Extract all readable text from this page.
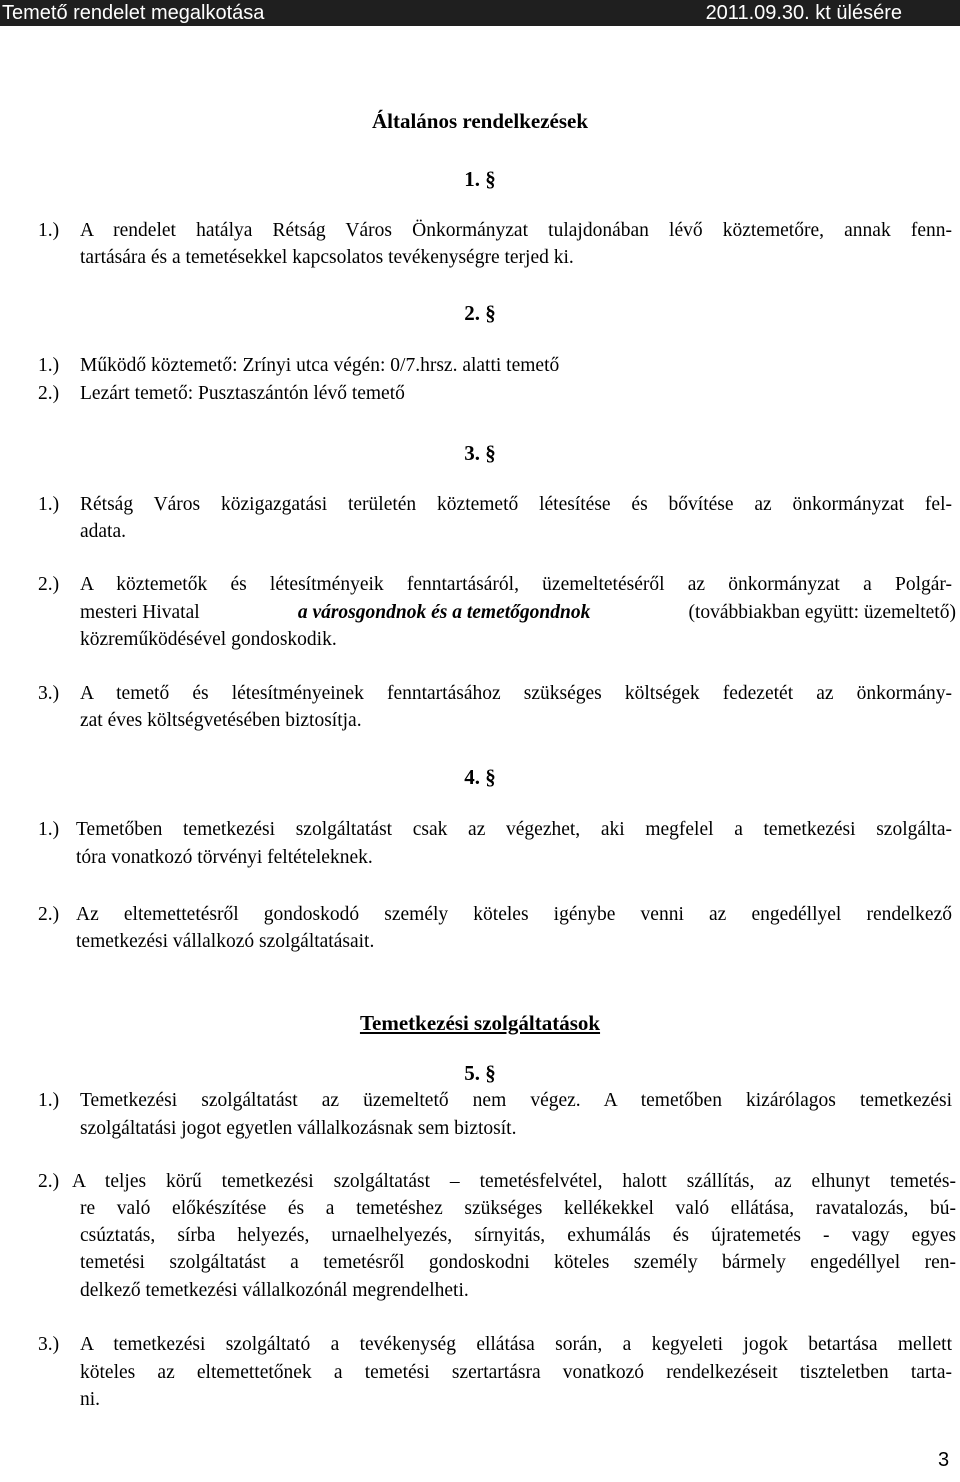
Temető rendelet megalkotása	2011.09.30. kt ülésére
Általános rendelkezések
1. §
1.) A rendelet hatálya Rétság Város Önkormányzat tulajdonában lévő köztemetőre, annak fenn-
tartására és a temetésekkel kapcsolatos tevékenységre terjed ki.
2. §
1.) Működő köztemető: Zrínyi utca végén: 0/7.hrsz. alatti temető
2.) Lezárt temető: Pusztaszántón lévő temető
3. §
1.) Rétság Város közigazgatási területén köztemető létesítése és bővítése az önkormányzat fel-
adata.
2.) A köztemetők és létesítményeik fenntartásáról, üzemeltetéséről az önkormányzat a Polgár-
mesteri Hivatal	a városgondnok és a temetőgondnok	(továbbiakban együtt: üzemeltető)
közreműködésével gondoskodik.
3.) A temető és létesítményeinek fenntartásához szükséges költségek fedezetét az önkormány-
zat éves költségvetésében biztosítja.
4. §
1.) Temetőben temetkezési szolgáltatást csak az végezhet, aki megfelel a temetkezési szolgálta-
tóra vonatkozó törvényi feltételeknek.
2.) Az eltemettetésről gondoskodó személy köteles igénybe venni az engedéllyel rendelkező
temetkezési vállalkozó szolgáltatásait.
Temetkezési szolgáltatások
5. §
1.) Temetkezési szolgáltatást az üzemeltető nem végez. A temetőben kizárólagos temetkezési
szolgáltatási jogot egyetlen vállalkozásnak sem biztosít.
2.) A teljes körű temetkezési szolgáltatást – temetésfelvétel, halott szállítás, az elhunyt temetés-
re való előkészítése és a temetéshez szükséges kellékekkel való ellátása, ravatalozás, bú-
csúztatás, sírba helyezés, urnaelhelyezés, sírnyitás, exhumálás és újratemetés - vagy egyes
temetési szolgáltatást a temetésről gondoskodni köteles személy bármely engedéllyel ren-
delkező temetkezési vállalkozónál megrendelheti.
3.) A temetkezési szolgáltató a tevékenység ellátása során, a kegyeleti jogok betartása mellett
köteles az eltemettetőnek a temetési szertartásra vonatkozó rendelkezéseit tiszteletben tarta-
ni.
3
